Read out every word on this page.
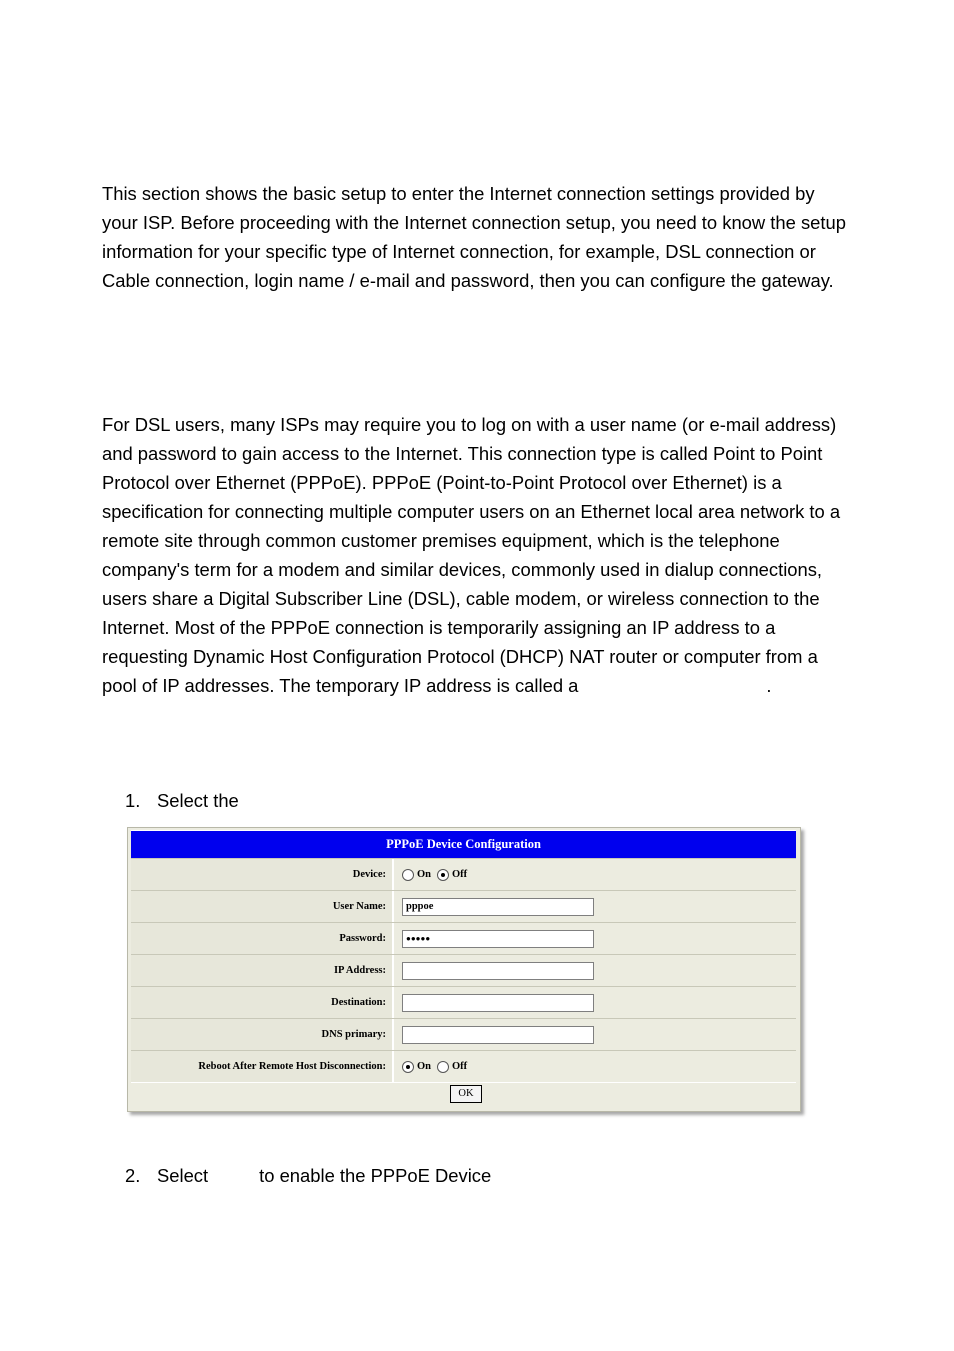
This section shows the basic setup to enter the Internet connection settings provided by your ISP. Before proceeding with the Internet connection setup, you need to know the setup information for your specific type of Internet connection, for example, DSL connection or Cable connection, login name / e-mail and password, then you can configure the gateway.

For DSL users, many ISPs may require you to log on with a user name (or e-mail address) and password to gain access to the Internet. This connection type is called Point to Point Protocol over Ethernet (PPPoE). PPPoE (Point-to-Point Protocol over Ethernet) is a specification for connecting multiple computer users on an Ethernet local area network to a remote site through common customer premises equipment, which is the telephone company's term for a modem and similar devices, commonly used in dialup connections, users share a Digital Subscriber Line (DSL), cable modem, or wireless connection to the Internet. Most of the PPPoE connection is temporarily assigning an IP address to a requesting Dynamic Host Configuration Protocol (DHCP) NAT router or computer from a pool of IP addresses. The temporary IP address is called a	.

1. Select the
PPPoE Device Configuration
Device:	On Off
User Name:	pppoe
Password:	●●●●●
IP Address:
Destination:
DNS primary:
Reboot After Remote Host Disconnection:	On Off
OK
2. Select	to enable the PPPoE Device
